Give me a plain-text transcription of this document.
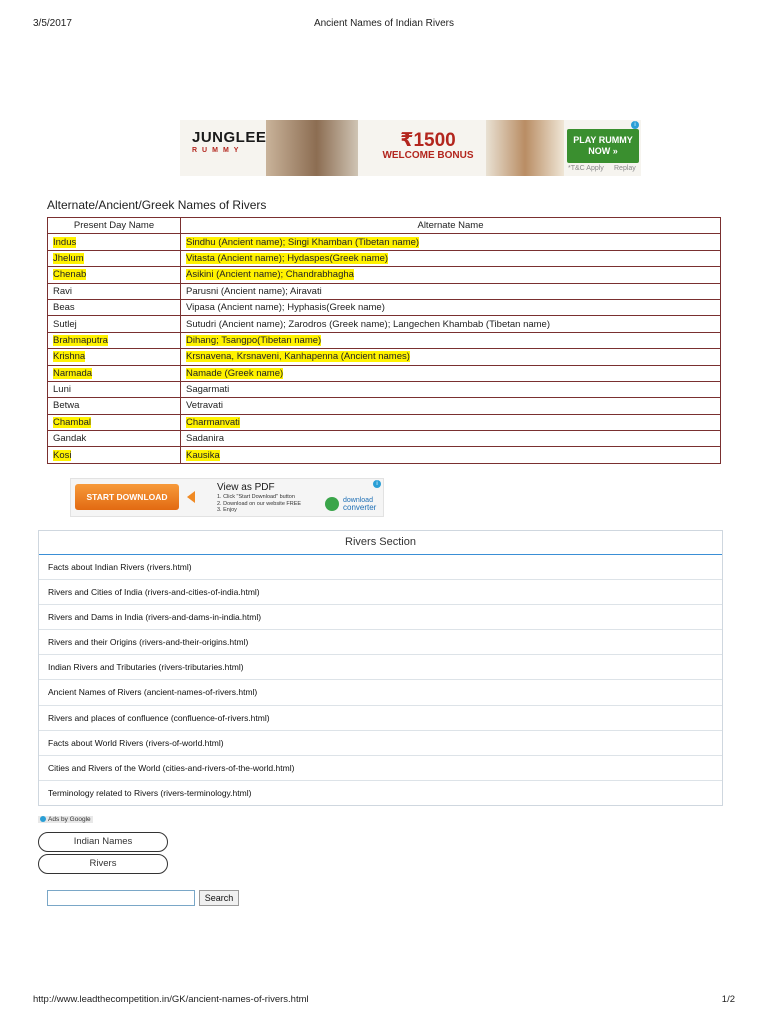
3/5/2017	Ancient Names of Indian Rivers
JUNGLEE
RUMMY	₹1500
WELCOME BONUS
PLAY RUMMY NOW »
*T&C Apply Replay
i
Alternate/Ancient/Greek Names of Rivers
Present Day Name	Alternate Name
Indus	Sindhu (Ancient name); Singi Khamban (Tibetan name)
Jhelum	Vitasta (Ancient name); Hydaspes(Greek name)
Chenab	Asikini (Ancient name); Chandrabhagha
Ravi	Parusni (Ancient name); Airavati
Beas	Vipasa (Ancient name); Hyphasis(Greek name)
Sutlej	Sutudri (Ancient name); Zarodros (Greek name); Langechen Khambab (Tibetan name)
Brahmaputra	Dihang; Tsangpo(Tibetan name)
Krishna	Krsnavena, Krsnaveni, Kanhapenna (Ancient names)
Narmada	Namade (Greek name)
Luni	Sagarmati
Betwa	Vetravati
Chambal	Charmanvati
Gandak	Sadanira
Kosi	Kausika
START DOWNLOAD
View as PDF
1. Click "Start Download" button
2. Download on our website FREE
3. Enjoy
download
converter
i
Rivers Section
Facts about Indian Rivers (rivers.html)
Rivers and Cities of India (rivers-and-cities-of-india.html)
Rivers and Dams in India (rivers-and-dams-in-india.html)
Rivers and their Origins (rivers-and-their-origins.html)
Indian Rivers and Tributaries (rivers-tributaries.html)
Ancient Names of Rivers (ancient-names-of-rivers.html)
Rivers and places of confluence (confluence-of-rivers.html)
Facts about World Rivers (rivers-of-world.html)
Cities and Rivers of the World (cities-and-rivers-of-the-world.html)
Terminology related to Rivers (rivers-terminology.html)
Ads by Google
Indian Names
Rivers
Search
http://www.leadthecompetition.in/GK/ancient-names-of-rivers.html	1/2
